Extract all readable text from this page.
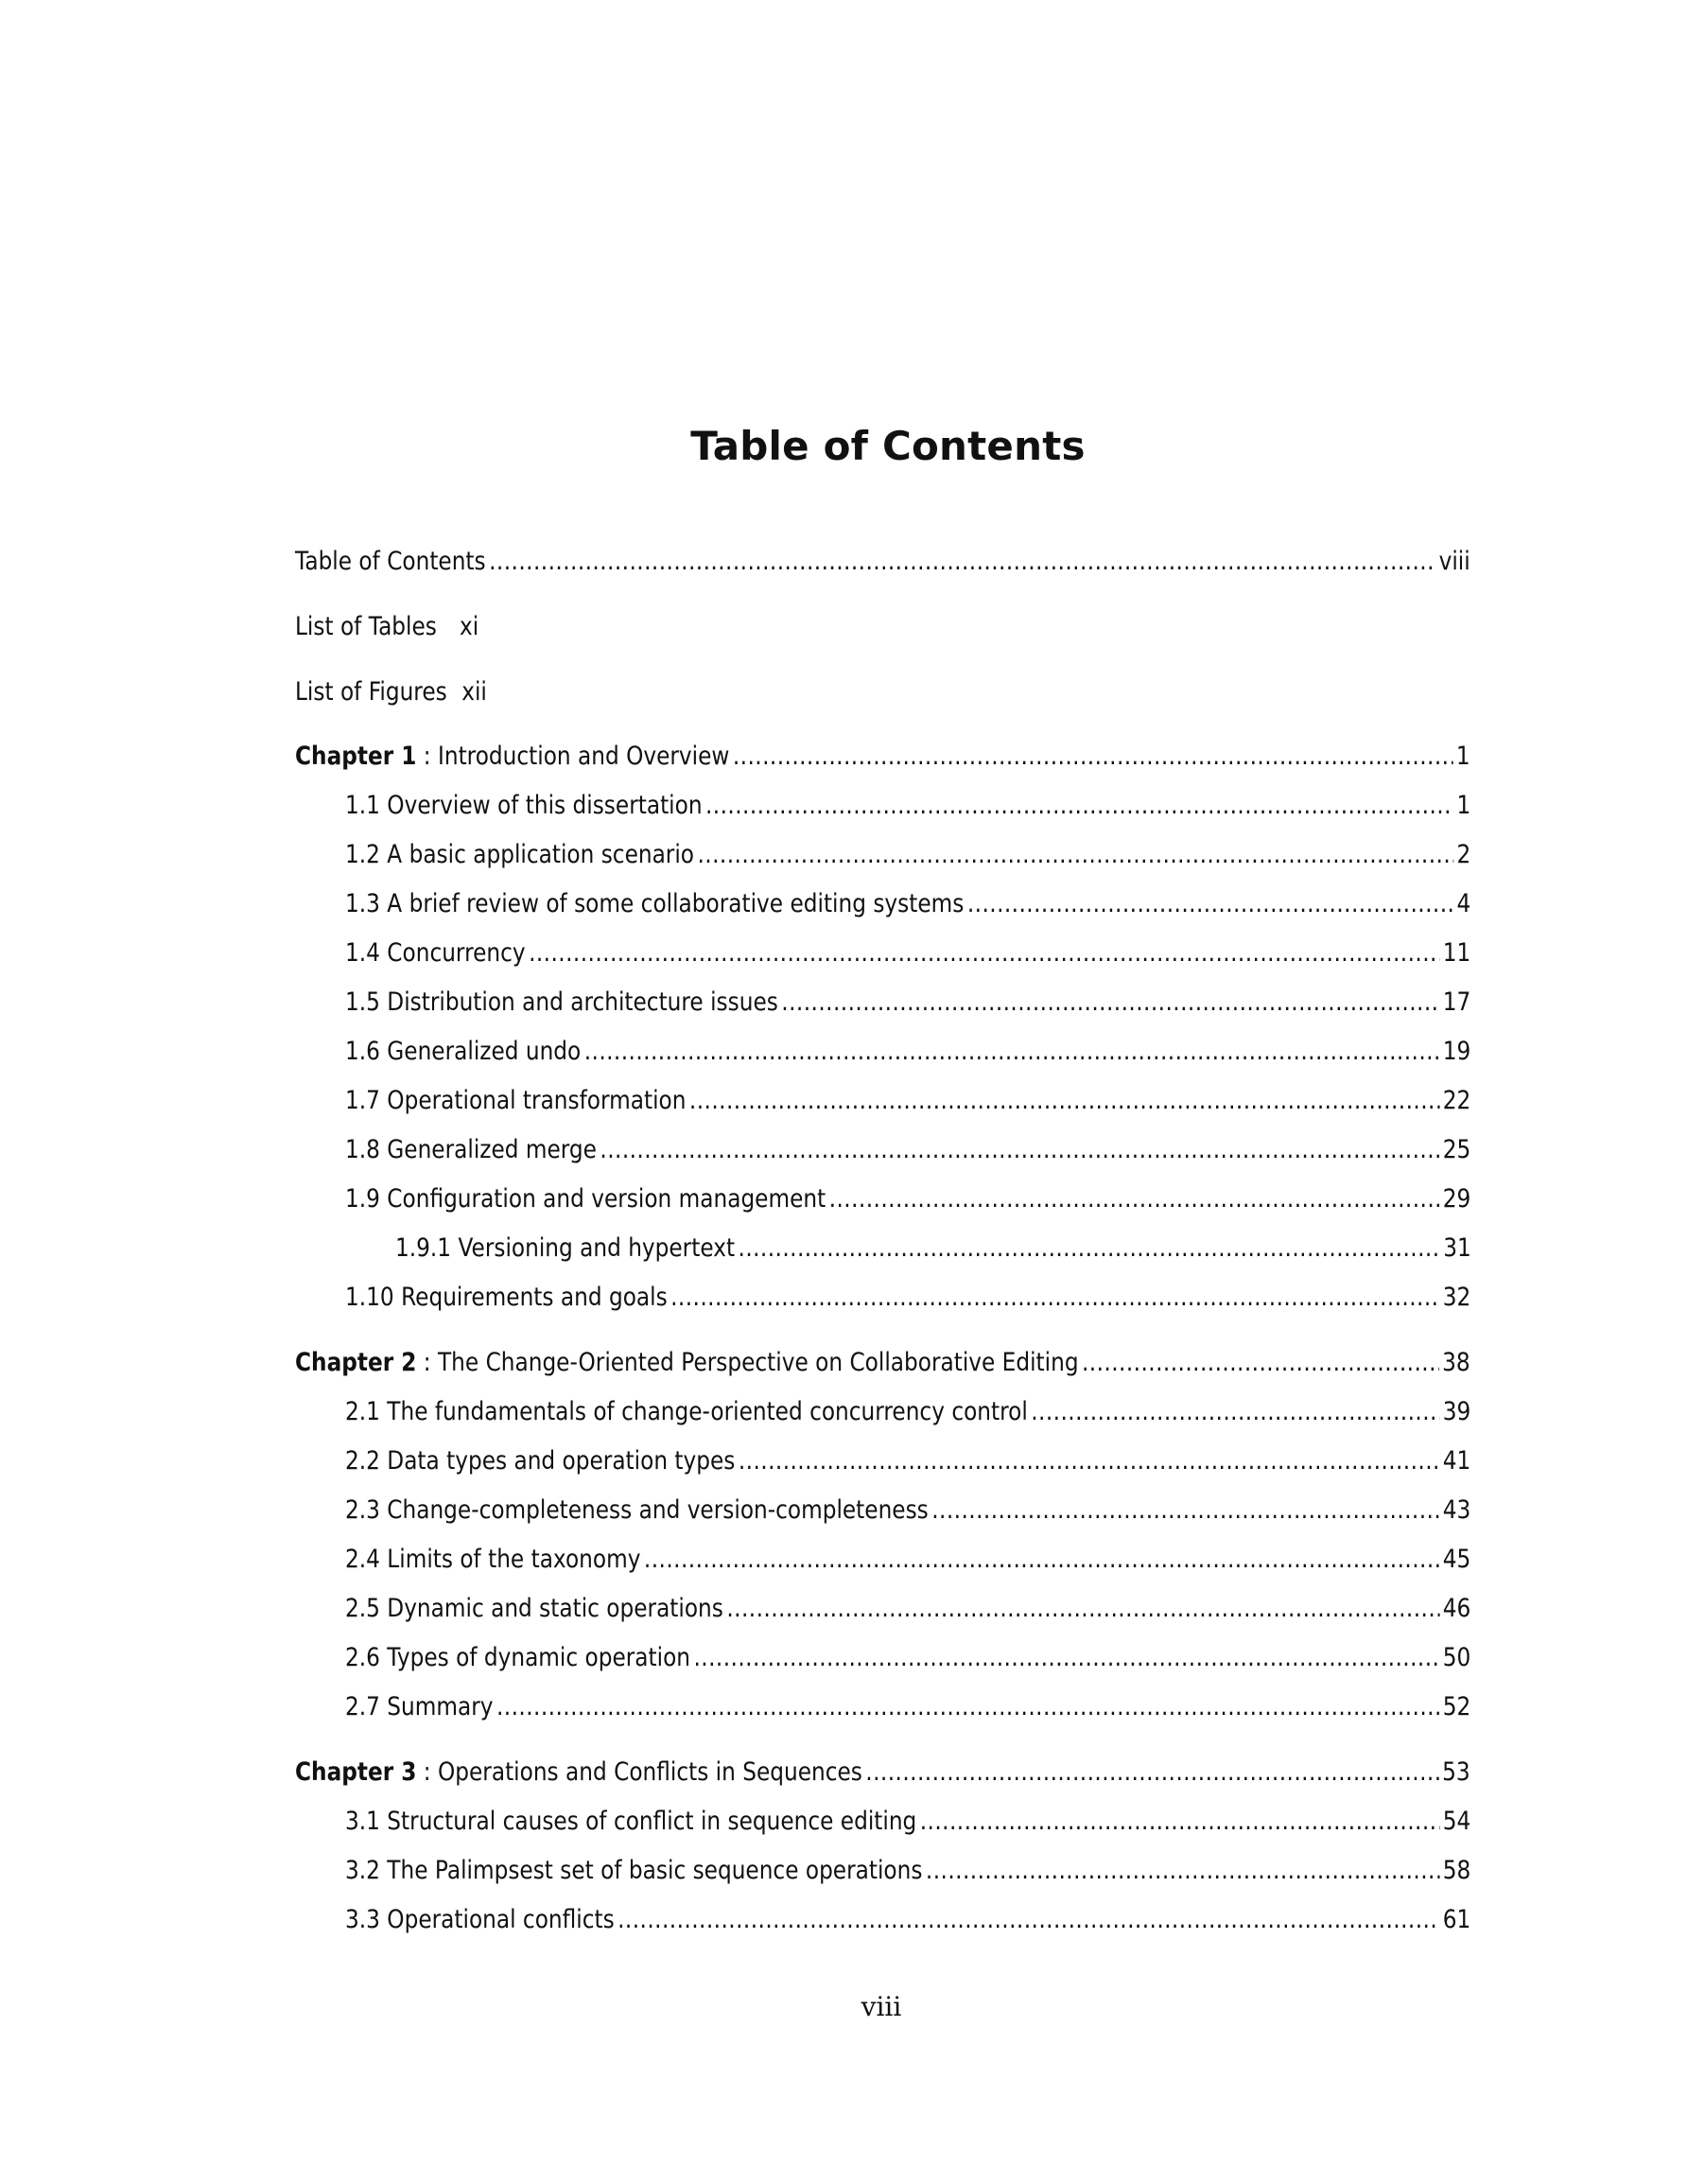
Table of Contents
Table of Contents .....	viii
List of Tables xi
List of Figures xii
Chapter 1 : Introduction and Overview .....	1
1.1 Overview of this dissertation .....	1
1.2 A basic application scenario .....	2
1.3 A brief review of some collaborative editing systems .....	4
1.4 Concurrency .....	11
1.5 Distribution and architecture issues .....	17
1.6 Generalized undo .....	19
1.7 Operational transformation .....	22
1.8 Generalized merge .....	25
1.9 Configuration and version management .....	29
1.9.1 Versioning and hypertext .....	31
1.10 Requirements and goals .....	32
Chapter 2 : The Change-Oriented Perspective on Collaborative Editing .....	38
2.1 The fundamentals of change-oriented concurrency control .....	39
2.2 Data types and operation types .....	41
2.3 Change-completeness and version-completeness .....	43
2.4 Limits of the taxonomy .....	45
2.5 Dynamic and static operations .....	46
2.6 Types of dynamic operation .....	50
2.7 Summary .....	52
Chapter 3 : Operations and Conflicts in Sequences .....	53
3.1 Structural causes of conflict in sequence editing .....	54
3.2 The Palimpsest set of basic sequence operations .....	58
3.3 Operational conflicts .....	61
viii
